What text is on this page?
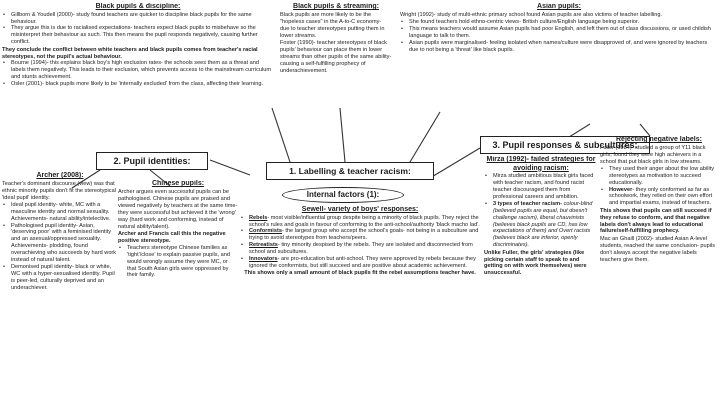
Black pupils & discipline:
• Gillborn & Youdell (2000)- study found teachers are quicker to discipline black pupils for the same behaviour.
• They argue this is due to racialised expectations- teachers expect black pupils to misbehave so the misinterpret their behaviour as such. This then means the pupil responds negatively, causing further conflict.
They conclude the conflict between white teachers and black pupils comes from teacher's racial stereotypes, not the pupil's actual behaviour.
• Bourne (1994)- this explains black boy's high exclusion rates- the schools sees them as a threat and labels them negatively. This leads to their exclusion, which prevents access to the mainstream curriculum and stunts achievement.
• Osler (2001)- black pupils more likely to be 'internally excluded' from the class, affecting their learning.
Black pupils & streaming:
Black pupils are more likely to be the "hopeless cases" in the A-to-C economy- due to teacher stereotypes putting them in lower streams.
Foster (1990)- teacher stereotypes of black pupils' behaviour can place them in lower streams than other pupils of the same ability- causing a self-fulfilling prophecy of underachievement.
Asian pupils:
Wright (1992)- study of multi-ethnic primary school found Asian pupils are also victims of teacher labelling.
• She found teachers hold ethno-centric views- British culture/English language being superior.
• This means teachers would assume Asian pupils had poor English, and left them out of class discussions, or used childish language to talk to them.
• Asian pupils were marginalised- feeling isolated when names/culture were disapproved of, and were ignored by teachers due to not being a 'threat' like black pupils.
2. Pupil identities:
1. Labelling & teacher racism:
3. Pupil responses & subcultures:
Internal factors (1):
Archer (2008):
Teacher's dominant discourse (view) was that ethnic minority pupils don't fit the stereotypical 'ideal pupil' identity.
• Ideal pupil identity- white, MC with a masculine identity and normal sexuality. Achievements- natural ability/intelective.
• Pathologised pupil identity- Asian, 'deserving poor' with a feminised identity and an asexual/oppressed sexuality. Achievements- plodding, found overachieving who succeeds by hard work instead of natural talent.
• Demonised pupil identity- black or white, WC with a hyper-sexualised identity. Pupil is peer-led, culturally deprived and an underachiever.
Chinese pupils:
Archer argues even successful pupils can be pathologised. Chinese pupils are praised and viewed negatively by teachers at the same time- they were successful but achieved it the 'wrong' way (hard work and conforming, instead of natural ability/talent).
Archer and Francis call this the negative positive stereotype.
• Teachers stereotype Chinese families as 'tight'/close' to explain passive pupils, and would wrongly assume they were MC, or that South Asian girls were oppressed by their family.
Sewell- variety of boys' responses:
• Rebels- most visible/influential group despite being a minority of black pupils. They reject the school's rules and goals in favour of conforming to the anti-school/authority 'black macho lad'.
• Conformists- the largest group who accept the school's goals- not being in a subculture and trying to avoid stereotypes from teachers/peers.
• Retreatists- tiny minority despised by the rebels. They are isolated and disconnected from school and subcultures.
• Innovators- are pro-education but anti-school. They were approved by rebels because they ignored the conformists, but still succeed and are positive about academic achievement.
This shows only a small amount of black pupils fit the rebel assumptions teacher have.
Mirza (1992)- failed strategies for avoiding racism:
• Mirza studied ambitious black girls faced with teacher racism, and found racist teacher discouraged them from professional careers and ambition.
• 3 types of teacher racism- colour-blind (believed pupils are equal, but doesn't challenge racism), liberal chauvinists (believes black pupils are CD, has low expectations of them) and Overt racists (believes black are inferior, openly discriminates).
Unlike Fuller, the girls' strategies (like picking certain staff to speak to and getting on with work themselves) were unsuccessful.
Rejecting negative labels:
Fuller (1984)- studied a group of Y11 black girls, found they were high achievers in a school that put black girls in low streams.
• They used their anger about the low ability stereotypes as motivation to succeed educationally.
• However- they only conformed as far as schoolwork, they relied on their own effort and impartial exams, instead of teachers.
This shows that pupils can still succeed if they refuse to conform, and that negative labels don't always lead to educational failure/self-fulfilling prophecy.
Mac an Ghaill (2002)- studied Asian A-level students, reached the same conclusion- pupils don't always accept the negative labels teachers give them.
